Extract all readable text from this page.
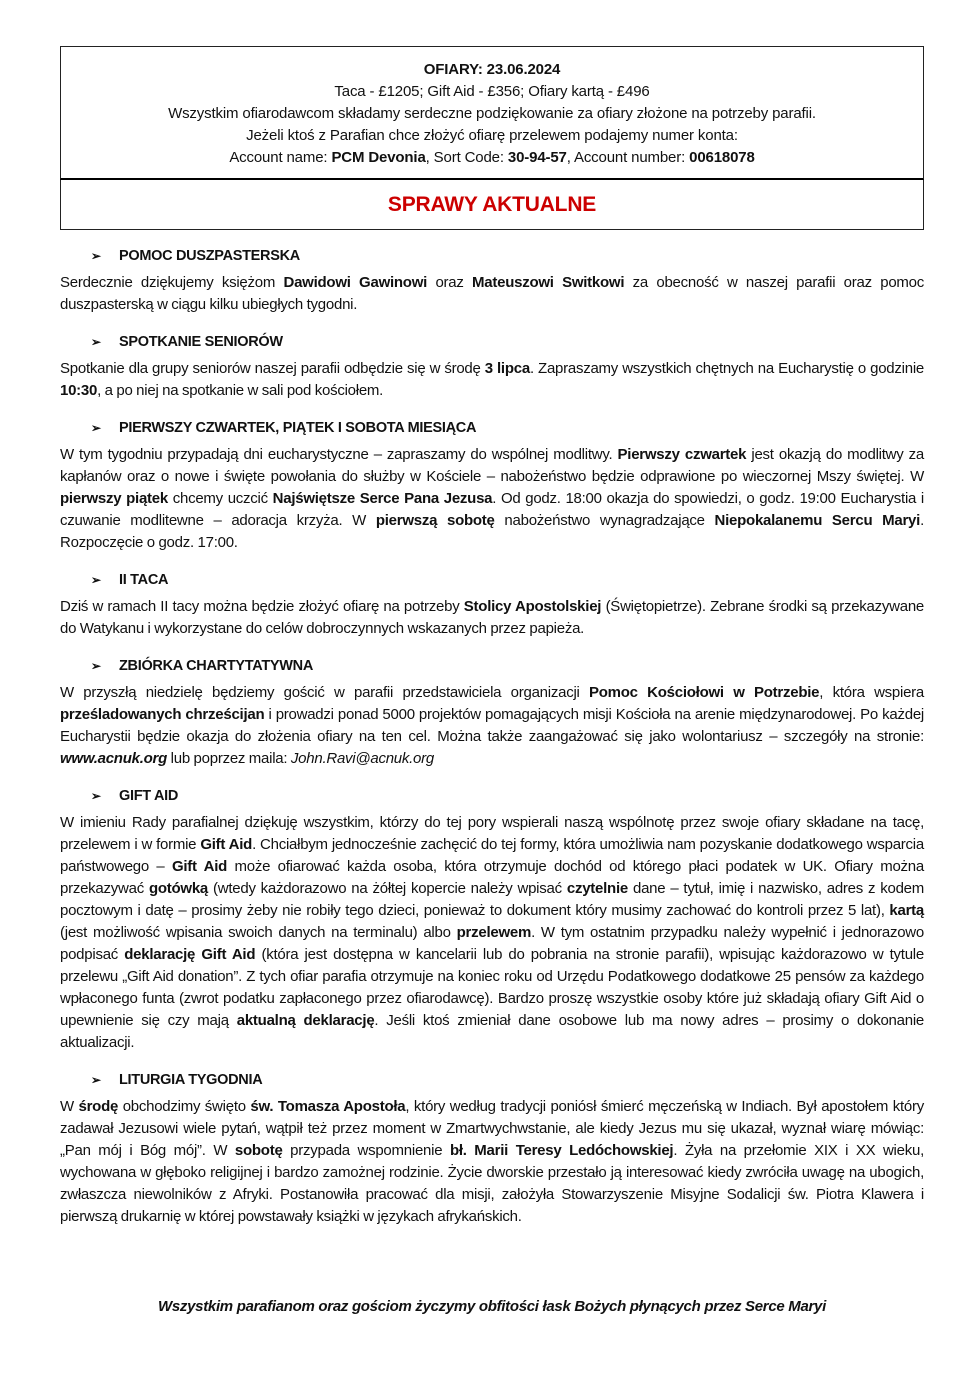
OFIARY: 23.06.2024
Taca - £1205; Gift Aid - £356; Ofiary kartą - £496
Wszystkim ofiarodawcom składamy serdeczne podziękowanie za ofiary złożone na potrzeby parafii.
Jeżeli ktoś z Parafian chce złożyć ofiarę przelewem podajemy numer konta:
Account name: PCM Devonia, Sort Code: 30-94-57, Account number: 00618078
SPRAWY AKTUALNE
➢	POMOC DUSZPASTERSKA
Serdecznie dziękujemy księżom Dawidowi Gawinowi oraz Mateuszowi Switkowi za obecność w naszej parafii oraz pomoc duszpasterską w ciągu kilku ubiegłych tygodni.
➢	SPOTKANIE SENIORÓW
Spotkanie dla grupy seniorów naszej parafii odbędzie się w środę 3 lipca. Zapraszamy wszystkich chętnych na Eucharystię o godzinie 10:30, a po niej na spotkanie w sali pod kościołem.
➢	PIERWSZY CZWARTEK, PIĄTEK I SOBOTA MIESIĄCA
W tym tygodniu przypadają dni eucharystyczne – zapraszamy do wspólnej modlitwy. Pierwszy czwartek jest okazją do modlitwy za kapłanów oraz o nowe i święte powołania do służby w Kościele – nabożeństwo będzie odprawione po wieczornej Mszy świętej. W pierwszy piątek chcemy uczcić Najświętsze Serce Pana Jezusa. Od godz. 18:00 okazja do spowiedzi, o godz. 19:00 Eucharystia i czuwanie modlitewne – adoracja krzyża. W pierwszą sobotę nabożeństwo wynagradzające Niepokalanemu Sercu Maryi. Rozpoczęcie o godz. 17:00.
➢	II TACA
Dziś w ramach II tacy można będzie złożyć ofiarę na potrzeby Stolicy Apostolskiej (Świętopietrze). Zebrane środki są przekazywane do Watykanu i wykorzystane do celów dobroczynnych wskazanych przez papieża.
➢	ZBIÓRKA CHARTYTATYWNA
W przyszłą niedzielę będziemy gościć w parafii przedstawiciela organizacji Pomoc Kościołowi w Potrzebie, która wspiera prześladowanych chrześcijan i prowadzi ponad 5000 projektów pomagających misji Kościoła na arenie międzynarodowej. Po każdej Eucharystii będzie okazja do złożenia ofiary na ten cel. Można także zaangażować się jako wolontariusz – szczegóły na stronie: www.acnuk.org lub poprzez maila: John.Ravi@acnuk.org
➢	GIFT AID
W imieniu Rady parafialnej dziękuję wszystkim, którzy do tej pory wspierali naszą wspólnotę przez swoje ofiary składane na tacę, przelewem i w formie Gift Aid. Chciałbym jednocześnie zachęcić do tej formy, która umożliwia nam pozyskanie dodatkowego wsparcia państwowego – Gift Aid może ofiarować każda osoba, która otrzymuje dochód od którego płaci podatek w UK. Ofiary można przekazywać gotówką (wtedy każdorazowo na żółtej kopercie należy wpisać czytelnie dane – tytuł, imię i nazwisko, adres z kodem pocztowym i datę – prosimy żeby nie robiły tego dzieci, ponieważ to dokument który musimy zachować do kontroli przez 5 lat), kartą (jest możliwość wpisania swoich danych na terminalu) albo przelewem. W tym ostatnim przypadku należy wypełnić i jednorazowo podpisać deklarację Gift Aid (która jest dostępna w kancelarii lub do pobrania na stronie parafii), wpisując każdorazowo w tytule przelewu „Gift Aid donation”. Z tych ofiar parafia otrzymuje na koniec roku od Urzędu Podatkowego dodatkowe 25 pensów za każdego wpłaconego funta (zwrot podatku zapłaconego przez ofiarodawcę). Bardzo proszę wszystkie osoby które już składają ofiary Gift Aid o upewnienie się czy mają aktualną deklarację. Jeśli ktoś zmieniał dane osobowe lub ma nowy adres – prosimy o dokonanie aktualizacji.
➢	LITURGIA TYGODNIA
W środę obchodzimy święto św. Tomasza Apostoła, który według tradycji poniósł śmierć męczeńską w Indiach. Był apostołem który zadawał Jezusowi wiele pytań, wątpił też przez moment w Zmartwychwstanie, ale kiedy Jezus mu się ukazał, wyznał wiarę mówiąc: „Pan mój i Bóg mój”. W sobotę przypada wspomnienie bł. Marii Teresy Ledóchowskiej. Żyła na przełomie XIX i XX wieku, wychowana w głęboko religijnej i bardzo zamożnej rodzinie. Życie dworskie przestało ją interesować kiedy zwróciła uwagę na ubogich, zwłaszcza niewolników z Afryki. Postanowiła pracować dla misji, założyła Stowarzyszenie Misyjne Sodalicji św. Piotra Klawera i pierwszą drukarnię w której powstawały książki w językach afrykańskich.
Wszystkim parafianom oraz gościom życzymy obfitości łask Bożych płynących przez Serce Maryi
